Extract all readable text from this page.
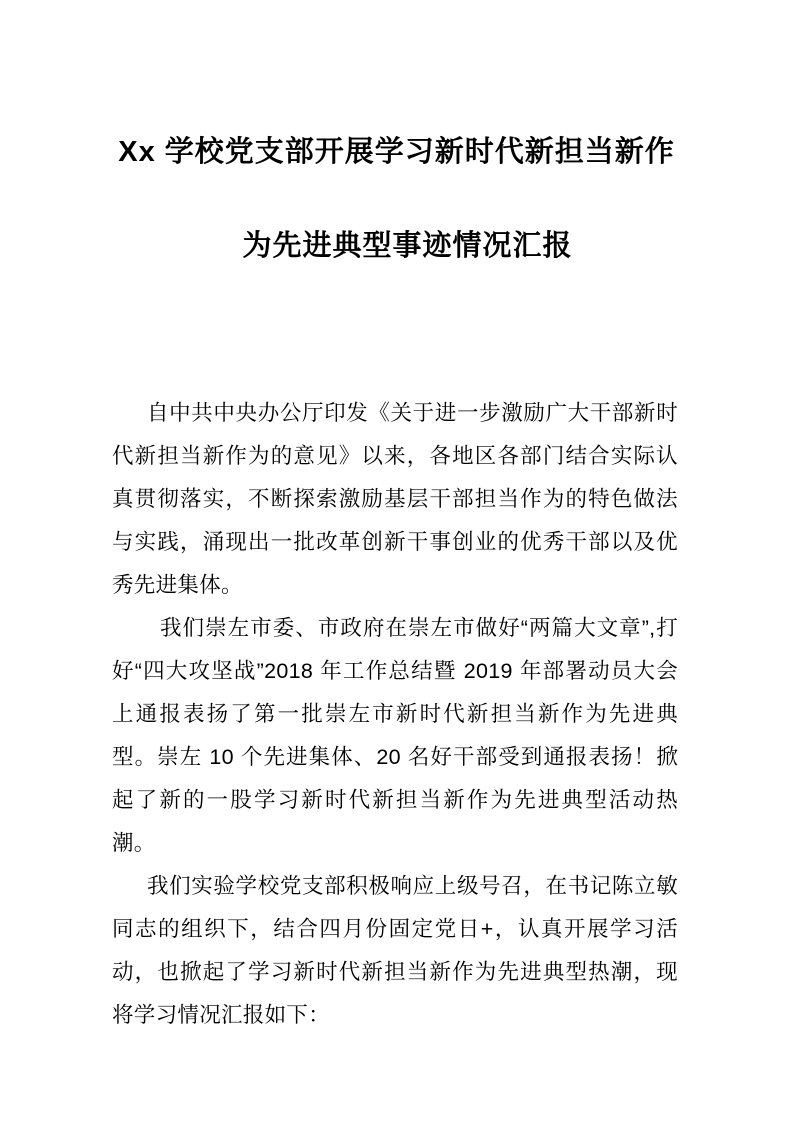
Xx 学校党支部开展学习新时代新担当新作
为先进典型事迹情况汇报

自中共中央办公厅印发《关于进一步激励广大干部新时代新担当新作为的意见》以来，各地区各部门结合实际认真贯彻落实，不断探索激励基层干部担当作为的特色做法与实践，涌现出一批改革创新干事创业的优秀干部以及优秀先进集体。

我们崇左市委、市政府在崇左市做好“两篇大文章”,打好“四大攻坚战”2018 年工作总结暨 2019 年部署动员大会上通报表扬了第一批崇左市新时代新担当新作为先进典型。崇左 10 个先进集体、20 名好干部受到通报表扬！掀起了新的一股学习新时代新担当新作为先进典型活动热潮。

我们实验学校党支部积极响应上级号召，在书记陈立敏同志的组织下，结合四月份固定党日+，认真开展学习活动，也掀起了学习新时代新担当新作为先进典型热潮，现将学习情况汇报如下：
